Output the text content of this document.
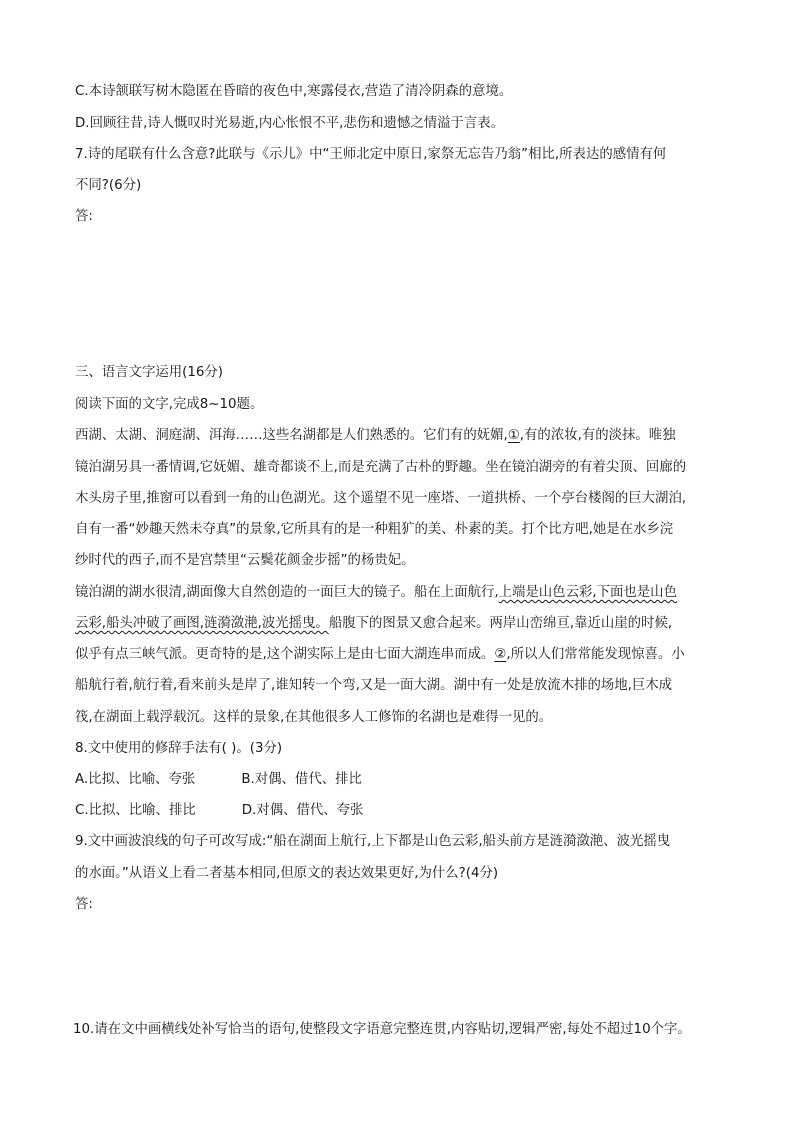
C.本诗颔联写树木隐匿在昏暗的夜色中,寒露侵衣,营造了清冷阴森的意境。
D.回顾往昔,诗人慨叹时光易逝,内心怅恨不平,悲伤和遗憾之情溢于言表。
7.诗的尾联有什么含意?此联与《示儿》中“王师北定中原日,家祭无忘告乃翁”相比,所表达的感情有何
不同?(6分)
答:
三、语言文字运用(16分)
阅读下面的文字,完成8~10题。
西湖、太湖、洞庭湖、洱海……这些名湖都是人们熟悉的。它们有的妩媚,①,有的浓妆,有的淡抹。唯独
镜泊湖另具一番情调,它妩媚、雄奇都谈不上,而是充满了古朴的野趣。坐在镜泊湖旁的有着尖顶、回廊的
木头房子里,推窗可以看到一角的山色湖光。这个遥望不见一座塔、一道拱桥、一个亭台楼阁的巨大湖泊,
自有一番“妙趣天然未夺真”的景象,它所具有的是一种粗犷的美、朴素的美。打个比方吧,她是在水乡浣
纱时代的西子,而不是宫禁里“云鬓花颜金步摇”的杨贵妃。
镜泊湖的湖水很清,湖面像大自然创造的一面巨大的镜子。船在上面航行,上端是山色云彩,下面也是山色
云彩,船头冲破了画图,涟漪潋滟,波光摇曳。船腹下的图景又愈合起来。两岸山峦绵亘,靠近山崖的时候,
似乎有点三峡气派。更奇特的是,这个湖实际上是由七面大湖连串而成。②,所以人们常常能发现惊喜。小
船航行着,航行着,看来前头是岸了,谁知转一个弯,又是一面大湖。湖中有一处是放流木排的场地,巨木成
筏,在湖面上载浮载沉。这样的景象,在其他很多人工修饰的名湖也是难得一见的。
8.文中使用的修辞手法有( )。(3分)
A.比拟、比喻、夸张	B.对偶、借代、排比
C.比拟、比喻、排比	D.对偶、借代、夸张
9.文中画波浪线的句子可改写成:“船在湖面上航行,上下都是山色云彩,船头前方是涟漪潋滟、波光摇曳
的水面。”从语义上看二者基本相同,但原文的表达效果更好,为什么?(4分)
答:
10.请在文中画横线处补写恰当的语句,使整段文字语意完整连贯,内容贴切,逻辑严密,每处不超过10个字。
